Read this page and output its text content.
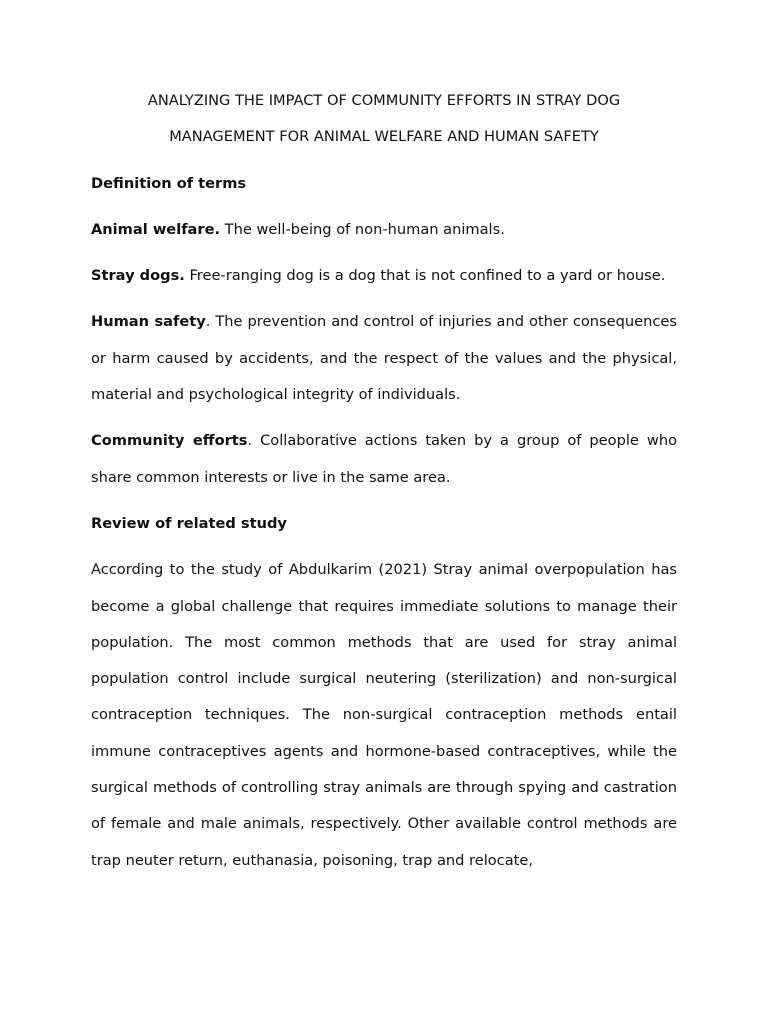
ANALYZING THE IMPACT OF COMMUNITY EFFORTS IN STRAY DOG
MANAGEMENT FOR ANIMAL WELFARE AND HUMAN SAFETY
Definition of terms

Animal welfare. The well-being of non-human animals.

Stray dogs. Free-ranging dog is a dog that is not confined to a yard or house.

Human safety. The prevention and control of injuries and other consequences or harm caused by accidents, and the respect of the values and the physical, material and psychological integrity of individuals.

Community efforts. Collaborative actions taken by a group of people who share common interests or live in the same area.

Review of related study

According to the study of Abdulkarim (2021) Stray animal overpopulation has become a global challenge that requires immediate solutions to manage their population. The most common methods that are used for stray animal population control include surgical neutering (sterilization) and non-surgical contraception techniques. The non-surgical contraception methods entail immune contraceptives agents and hormone-based contraceptives, while the surgical methods of controlling stray animals are through spying and castration of female and male animals, respectively. Other available control methods are trap neuter return, euthanasia, poisoning, trap and relocate,
